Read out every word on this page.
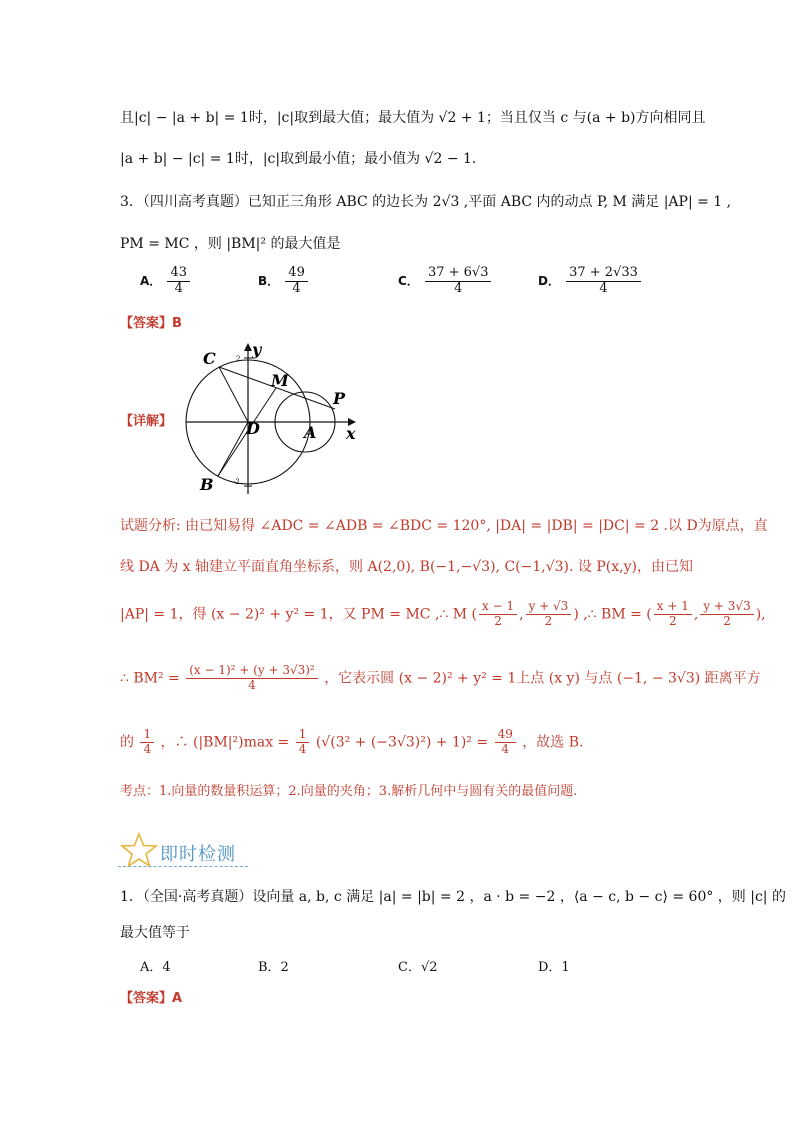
且|c| − |a + b| = 1时，|c|取到最大值；最大值为 √2 + 1；当且仅当 c 与(a + b)方向相同且
|a + b| − |c| = 1时，|c|取到最小值；最小值为 √2 − 1.
3．（四川高考真题）已知正三角形 ABC 的边长为 2√3 ,平面 ABC 内的动点 P, M 满足 |AP| = 1 ,
PM = MC ，则 |BM|² 的最大值是
A． $\frac{43}{4}$	B． $\frac{49}{4}$	C． $\frac{37 + 6√3}{4}$	D． $\frac{37 + 2√33}{4}$
【答案】B
【详解】
C
M
P
D	A
B
x
y
2
-2
试题分析: 由已知易得 ∠ADC = ∠ADB = ∠BDC = 120°, |DA| = |DB| = |DC| = 2 .以 D为原点，直
线 DA 为 x 轴建立平面直角坐标系，则 A(2,0), B(−1,−√3), C(−1,√3). 设 P(x,y)，由已知
|AP| = 1，得 (x − 2)² + y² = 1，又 PM = MC ,∴ M ( $\frac{x - 1}{2}$ , $\frac{y + √3}{2}$ ) ,∴ BM = ( $\frac{x + 1}{2}$ , $\frac{y + 3√3}{2}$ ),
∴ $BM^2 = \frac{\text{(x − 1)² + (y + 3√3)²}}{4}$ ，它表示圆 (x − 2)² + y² = 1上点 (x y) 与点 (−1, − 3√3) 距离平方
的 $\frac{1}{4}$ ，∴ $(|BM|^2)\max = \frac{1}{4} (√(3^2 + (-3√3)^2) + 1)^2 = \frac{49}{4}$ ，故选 B.
考点：1.向量的数量积运算；2.向量的夹角；3.解析几何中与圆有关的最值问题.
即时检测
1．（全国·高考真题）设向量 a, b, c 满足 |a| = |b| = 2 ，a · b = −2 ，⟨a − c, b − c⟩ = 60° ，则 |c| 的
最大值等于
A．4	B．2	C．√2	D．1
【答案】A
